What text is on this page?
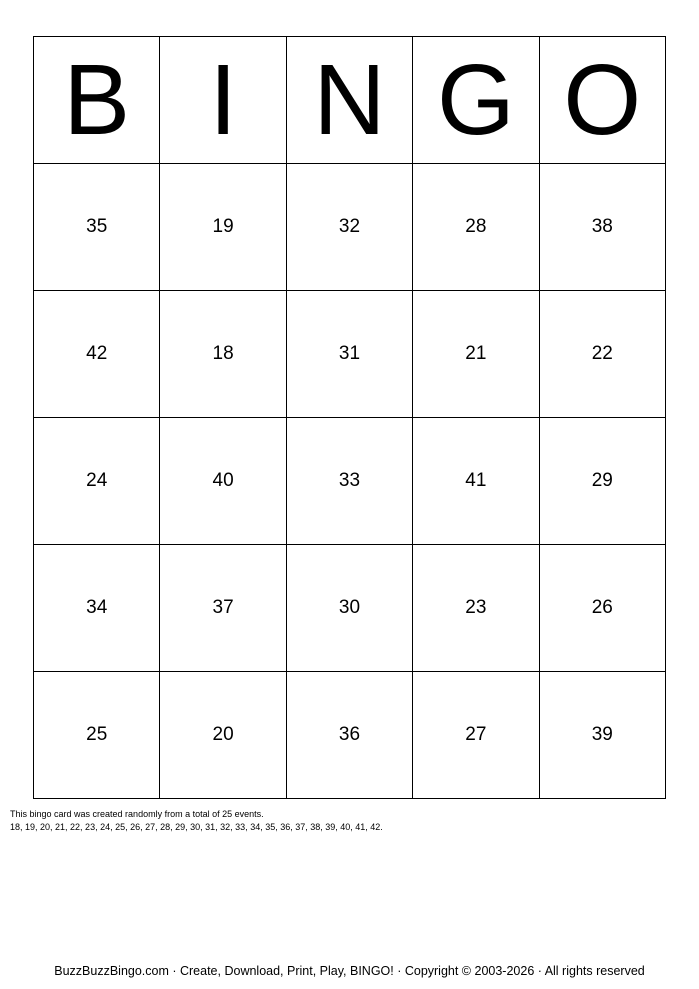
B	I	N	G	O
35	19	32	28	38
42	18	31	21	22
24	40	33	41	29
34	37	30	23	26
25	20	36	27	39
This bingo card was created randomly from a total of 25 events.
18, 19, 20, 21, 22, 23, 24, 25, 26, 27, 28, 29, 30, 31, 32, 33, 34, 35, 36, 37, 38, 39, 40, 41, 42.
BuzzBuzzBingo.com · Create, Download, Print, Play, BINGO! · Copyright © 2003-2026 · All rights reserved
